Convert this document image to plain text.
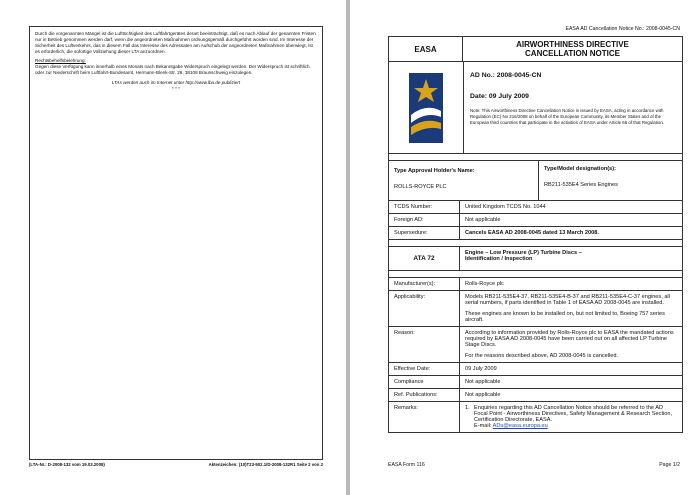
Durch die vorgenannten Mängel ist die Lufttüchtigkeit des Luftfahrtgerätes derart beeinträchtigt, daß es nach Ablauf der genannten Fristen nur in Betrieb genommen werden darf, wenn die angeordneten Maßnahmen ordnungsgemäß durchgeführt worden sind. Im Interesse der Sicherheit des Luftverkehrs, das in diesem Fall das Interesse des Adressaten am Aufschub der angeordneten Maßnahmen überwiegt, ist es erforderlich, die sofortige Vollziehung dieser LTA anzuordnen.

Rechtsbehelfsbelehrung:

Gegen diese Verfügung kann innerhalb eines Monats nach Bekanntgabe Widerspruch eingelegt werden. Der Widerspruch ist schriftlich oder zur Niederschrift beim Luftfahrt-Bundesamt, Hermann-Blenk-Str. 26, 38108 Braunschweig einzulegen.

LTAs werden auch im Internet unter http://www.lba.de publiziert

* * *

(LTA-Nr.: D-2008-132 vom 19.03.2008)	Aktenzeichen: (10)T23-502.1/D-2008-132R1 Seite 2 von 2
EASA AD Cancellation Notice No.: 2008-0045-CN
EASA
AIRWORTHINESS DIRECTIVE
CANCELLATION NOTICE
AD No.: 2008-0045-CN
Date: 09 July 2009
Note: This Airworthiness Directive Cancellation Notice is issued by EASA, acting in accordance with Regulation (EC) No 216/2008 on behalf of the European Community, its Member States and of the European third countries that participate in the activities of EASA under Article 66 of that Regulation.
Type Approval Holder's Name:
ROLLS-ROYCE PLC
Type/Model designation(s):
RB211-535E4 Series Engines
TCDS Number:	United Kingdom TCDS No. 1044
Foreign AD:	Not applicable
Supersedure:	Cancels EASA AD 2008-0045 dated 13 March 2008.
ATA 72
Engine – Low Pressure (LP) Turbine Discs –
Identification / Inspection
Manufacturer(s):	Rolls-Royce plc
Applicability:	Models RB211-535E4-37, RB211-535E4-B-37 and RB211-535E4-C-37 engines, all serial numbers, if parts identified in Table 1 of EASA AD 2008-0045 are installed.
These engines are known to be installed on, but not limited to, Boeing 757 series aircraft.
Reason:	According to information provided by Rolls-Royce plc to EASA the mandated actions required by EASA AD 2008-0045 have been carried out on all affected LP Turbine Stage Discs.
For the reasons described above, AD 2008-0045 is cancelled.
Effective Date:	09 July 2009
Compliance	Not applicable
Ref. Publications:	Not applicable
Remarks:	1. Enquiries regarding this AD Cancellation Notice should be referred to the AD Focal Point - Airworthiness Directives, Safety Management & Research Section, Certification Directorate, EASA.
E-mail: ADs@easa.europa.eu
EASA Form 116	Page 1/2
